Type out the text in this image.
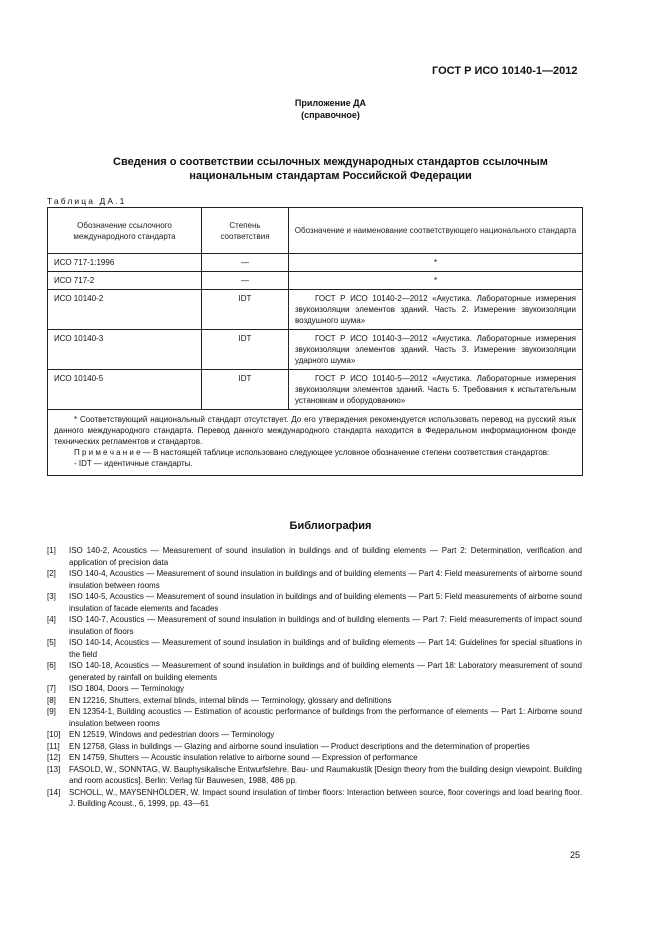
ГОСТ Р ИСО 10140-1—2012
Приложение ДА
(справочное)
Сведения о соответствии ссылочных международных стандартов ссылочным
национальным стандартам Российской Федерации
Таблица ДА.1
Обозначение ссылочного международного стандарта	Степень соответствия	Обозначение и наименование соответствующего национального стандарта
ИСО 717-1:1996	—	*
ИСО 717-2	—	*
ИСО 10140-2	IDT	ГОСТ Р ИСО 10140-2—2012 «Акустика. Лабораторные измерения звукоизоляции элементов зданий. Часть 2. Измерение звукоизоляции воздушного шума»
ИСО 10140-3	IDT	ГОСТ Р ИСО 10140-3—2012 «Акустика. Лабораторные измерения звукоизоляции элементов зданий. Часть 3. Измерение звукоизоляции ударного шума»
ИСО 10140-5	IDT	ГОСТ Р ИСО 10140-5—2012 «Акустика. Лабораторные измерения звукоизоляции элементов зданий. Часть 5. Требования к испытательным установкам и оборудованию»

* Соответствующий национальный стандарт отсутствует. До его утверждения рекомендуется использовать перевод на русский язык данного международного стандарта. Перевод данного международного стандарта находится в Федеральном информационном фонде технических регламентов и стандартов.
П р и м е ч а н и е — В настоящей таблице использовано следующее условное обозначение степени соответствия стандартов:
- IDT — идентичные стандарты.		
Библиография
[1]	ISO 140-2, Acoustics — Measurement of sound insulation in buildings and of building elements — Part 2: Determination, verification and application of precision data
[2]	ISO 140-4, Acoustics — Measurement of sound insulation in buildings and of building elements — Part 4: Field measurements of airborne sound insulation between rooms
[3]	ISO 140-5, Acoustics — Measurement of sound insulation in buildings and of building elements — Part 5: Field measurements of airborne sound insulation of facade elements and facades
[4]	ISO 140-7, Acoustics — Measurement of sound insulation in buildings and of building elements — Part 7: Field measurements of impact sound insulation of floors
[5]	ISO 140-14, Acoustics — Measurement of sound insulation in buildings and of building elements — Part 14: Guidelines for special situations in the field
[6]	ISO 140-18, Acoustics — Measurement of sound insulation in buildings and of building elements — Part 18: Laboratory measurement of sound generated by rainfall on building elements
[7]	ISO 1804, Doors — Terminology
[8]	EN 12216, Shutters, external blinds, internal blinds — Terminology, glossary and definitions
[9]	EN 12354-1, Building acoustics — Estimation of acoustic performance of buildings from the performance of elements — Part 1: Airborne sound insulation between rooms
[10]	EN 12519, Windows and pedestrian doors — Terminology
[11]	EN 12758, Glass in buildings — Glazing and airborne sound insulation — Product descriptions and the determination of properties
[12]	EN 14759, Shutters — Acoustic insulation relative to airborne sound — Expression of performance
[13]	FASOLD, W., SONNTAG, W. Bauphysikalische Entwurfslehre. Bau- und Raumakustik [Design theory from the building design viewpoint. Building and room acoustics]. Berlin: Verlag für Bauwesen, 1988, 486 pp.
[14]	SCHOLL, W., MAYSENHÖLDER, W. Impact sound insulation of timber floors: Interaction between source, floor coverings and load bearing floor. J. Building Acoust., 6, 1999, pp. 43—61
25
